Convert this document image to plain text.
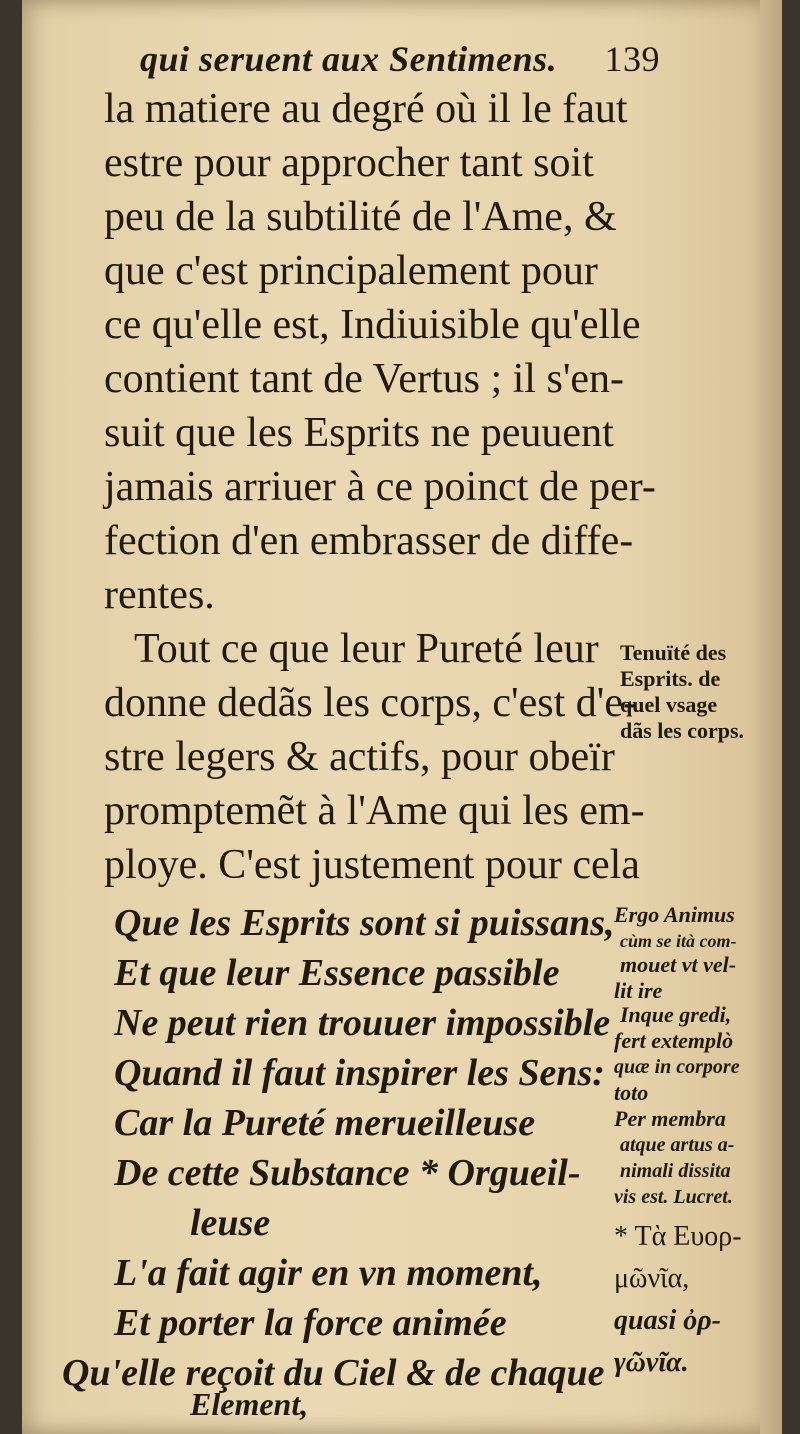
qui seruent aux Sentimens. 139
la matiere au degré où il le faut
estre pour approcher tant soit
peu de la subtilité de l'Ame, &
que c'est principalement pour
ce qu'elle est, Indiuisible qu'elle
contient tant de Vertus ; il s'en-
suit que les Esprits ne peuuent
jamais arriuer à ce poinct de per-
fection d'en embrasser de diffe-
rentes.
Tout ce que leur Pureté leur
donne dedãs les corps, c'est d'e-
stre legers & actifs, pour obeïr
promptemẽt à l'Ame qui les em-
ploye. C'est justement pour cela
Tenuïté des
Esprits. de
quel vsage
dãs les corps.
Que les Esprits sont si puissans,
Et que leur Essence passible
Ne peut rien trouuer impossible
Quand il faut inspirer les Sens:
Car la Pureté merueilleuse
De cette Substance * Orgueil-
leuse
L'a fait agir en vn moment,
Et porter la force animée
Qu'elle reçoit du Ciel & de chaque
Element,
Ergo Animus
cùm se ità com-
mouet vt vel-
lit ire
Inque gredi,
fert extemplò
quæ in corpore
toto
Per membra
atque artus a-
nimali dissita
vis est. Lucret.
* Τὰ Ευορ-
μῶνῖα,
quasi ὀρ-
γῶνῖα.
